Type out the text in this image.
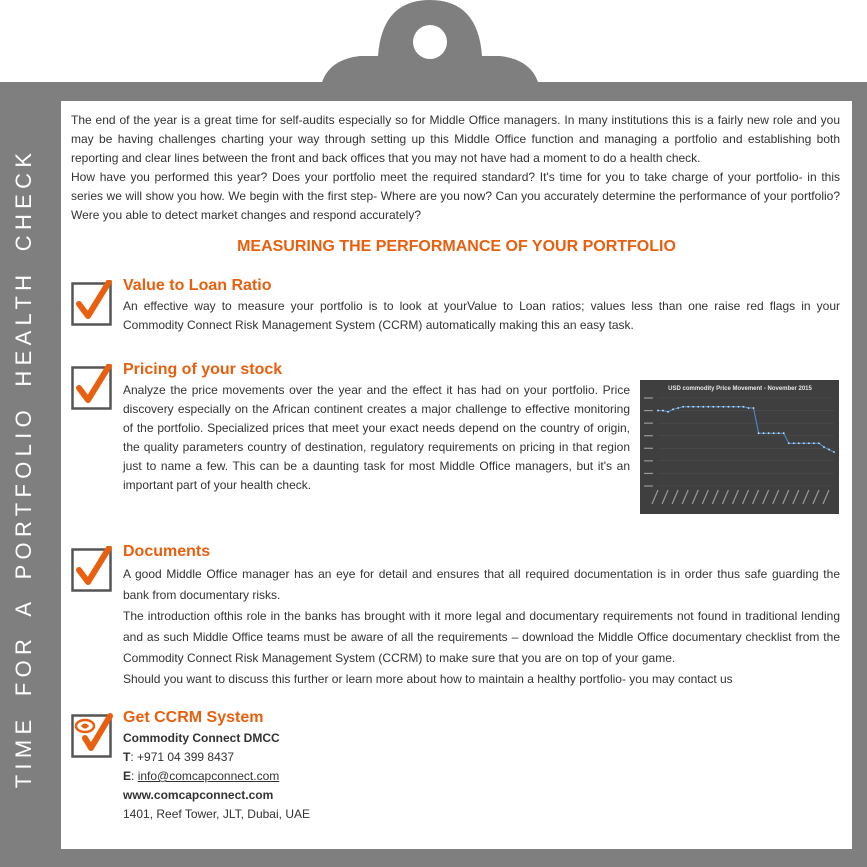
TIME FOR A PORTFOLIO HEALTH CHECK

The end of the year is a great time for self-audits especially so for Middle Office managers. In many institutions this is a fairly new role and you may be having challenges charting your way through setting up this Middle Office function and managing a portfolio and establishing both reporting and clear lines between the front and back offices that you may not have had a moment to do a health check.

How have you performed this year? Does your portfolio meet the required standard? It's time for you to take charge of your portfolio- in this series we will show you how. We begin with the first step- Where are you now? Can you accurately determine the performance of your portfolio? Were you able to detect market changes and respond accurately?

MEASURING THE PERFORMANCE OF YOUR PORTFOLIO
Value to Loan Ratio
An effective way to measure your portfolio is to look at yourValue to Loan ratios; values less than one raise red flags in your Commodity Connect Risk Management System (CCRM) automatically making this an easy task.
Pricing of your stock
Analyze the price movements over the year and the effect it has had on your portfolio. Price discovery especially on the African continent creates a major challenge to effective monitoring of the portfolio. Specialized prices that meet your exact needs depend on the country of origin, the quality parameters country of destination, regulatory requirements on pricing in that region just to name a few. This can be a daunting task for most Middle Office managers, but it's an important part of your health check.
USD commodity Price Movement - November 2015
Documents

A good Middle Office manager has an eye for detail and ensures that all required documentation is in order thus safe guarding the bank from documentary risks.

The introduction ofthis role in the banks has brought with it more legal and documentary requirements not found in traditional lending and as such Middle Office teams must be aware of all the requirements – download the Middle Office documentary checklist from the Commodity Connect Risk Management System (CCRM) to make sure that you are on top of your game.

Should you want to discuss this further or learn more about how to maintain a healthy portfolio- you may contact us

Get CCRM System
Commodity Connect DMCC
T: +971 04 399 8437
E: info@comcapconnect.com
www.comcapconnect.com
1401, Reef Tower, JLT, Dubai, UAE
